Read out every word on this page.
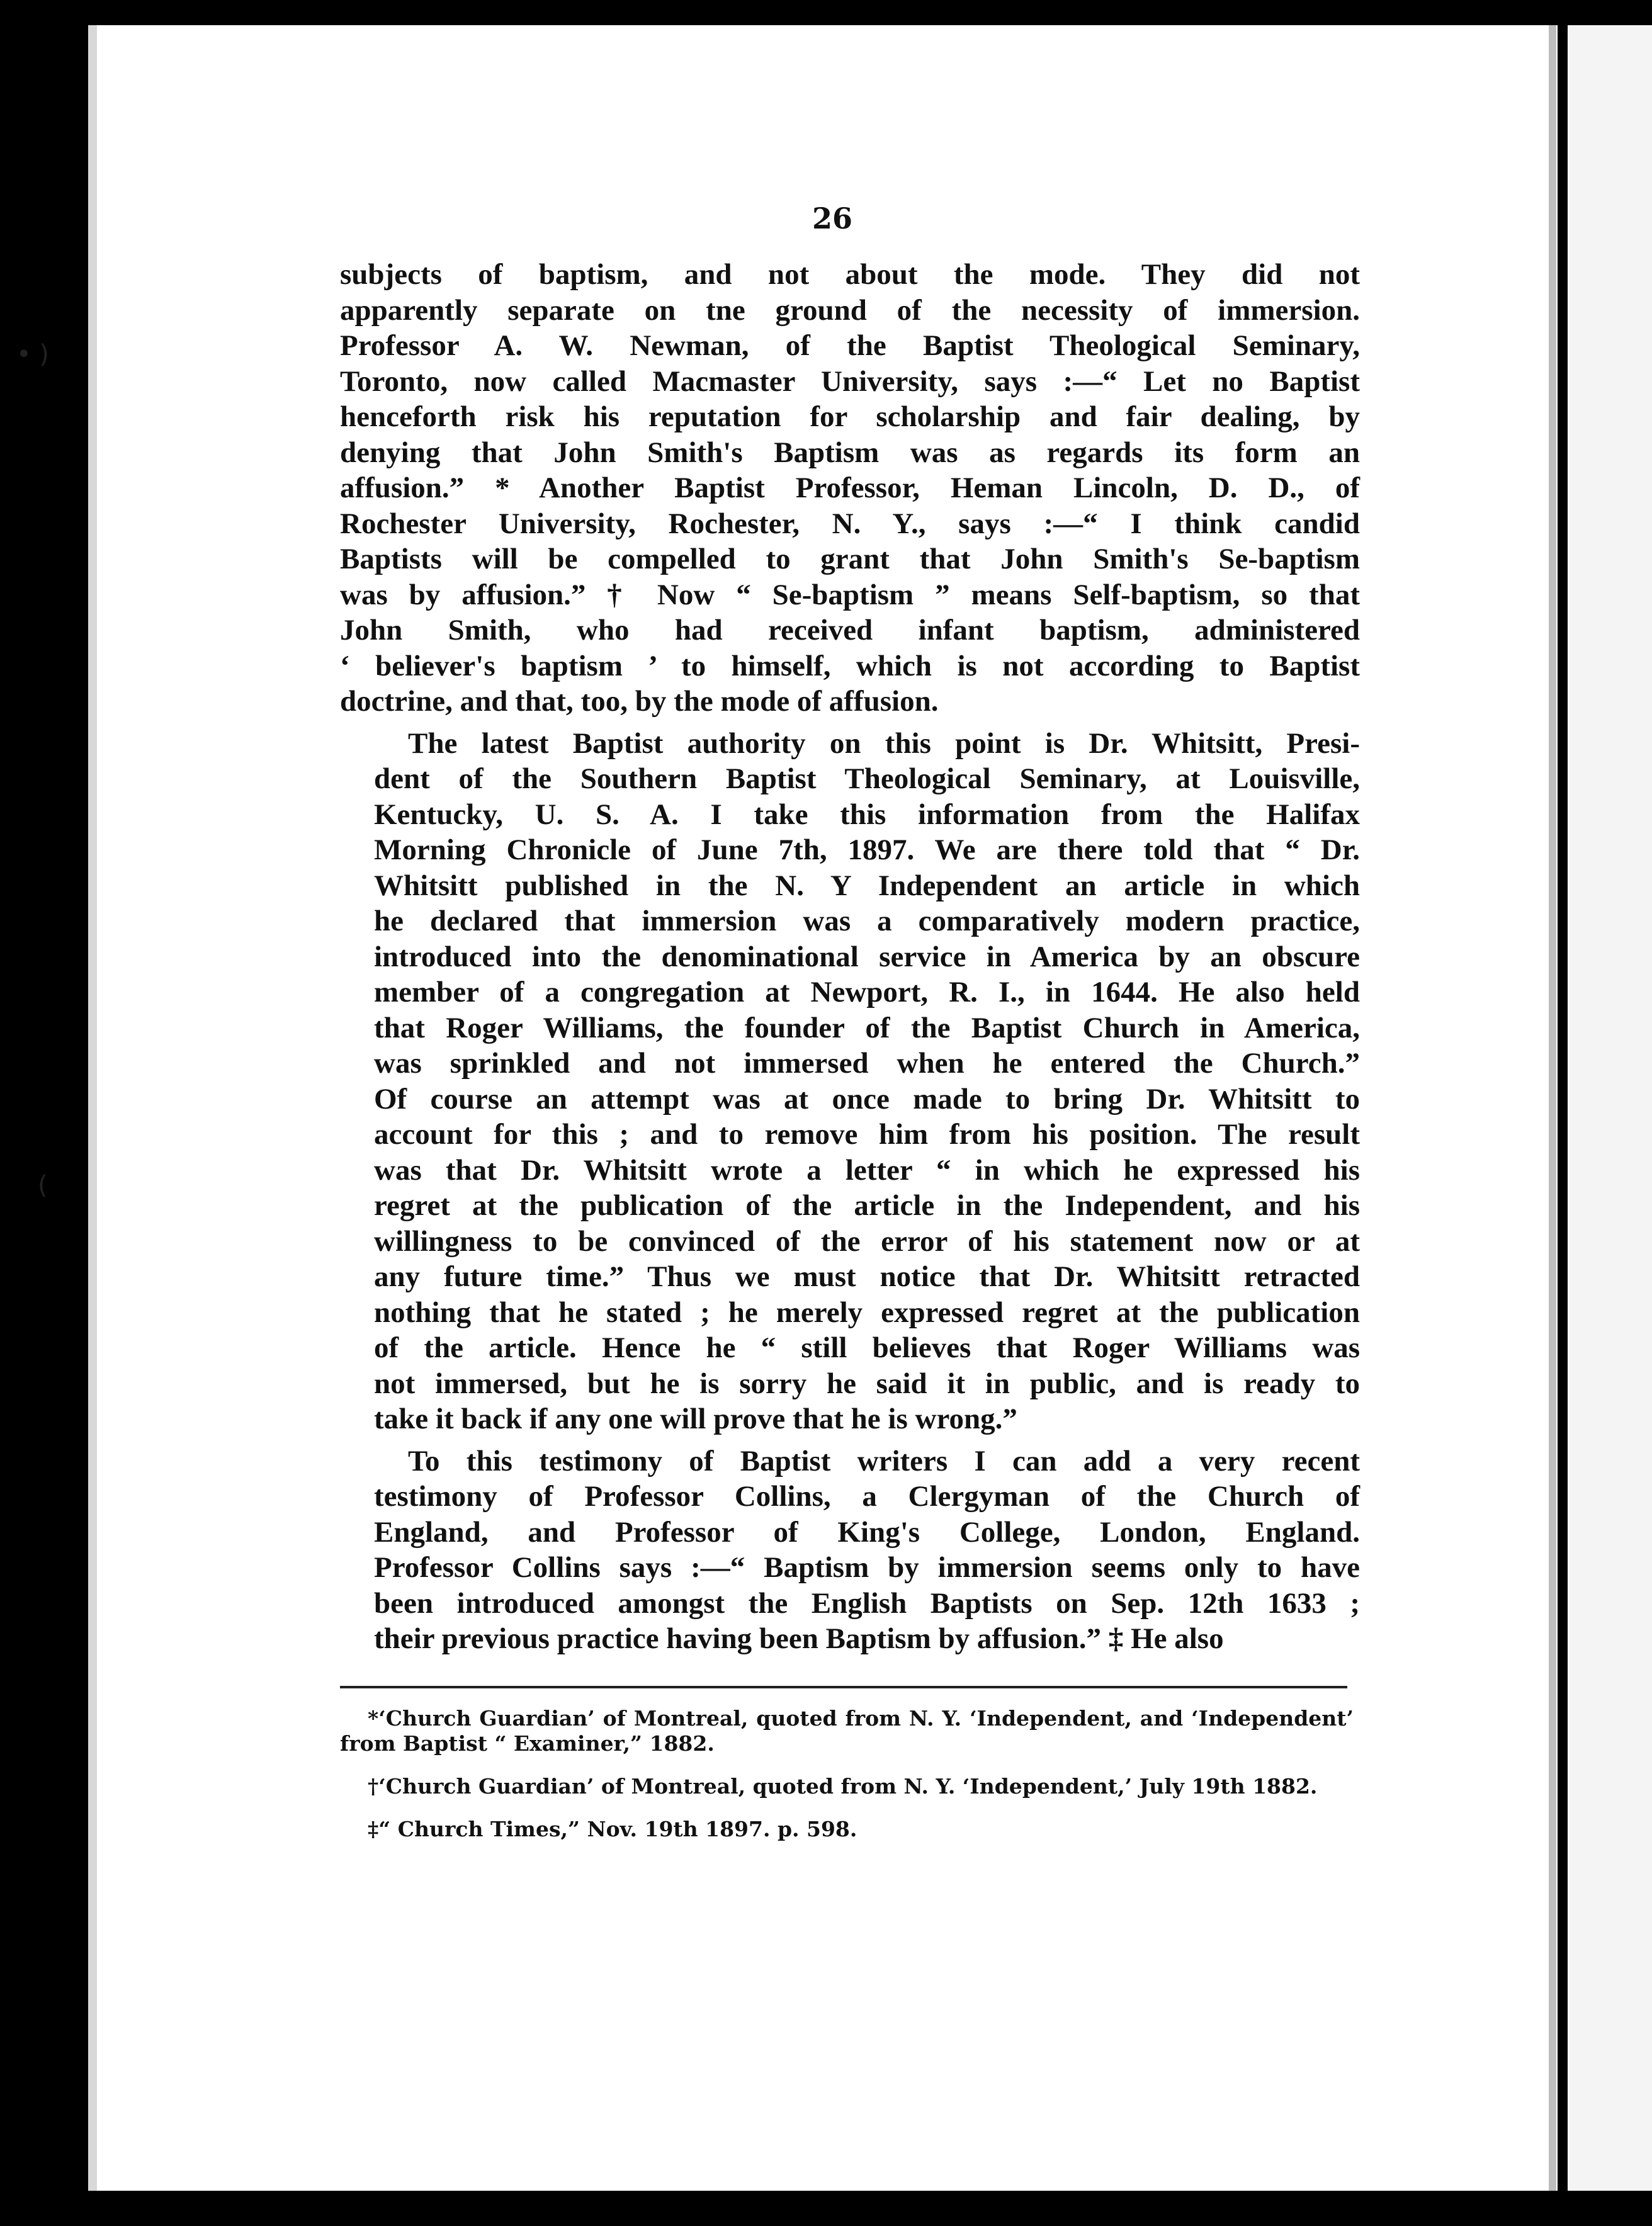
• )
(
26

subjects of baptism, and not about the mode. They did not
apparently separate on tne ground of the necessity of immersion.
Professor A. W. Newman, of the Baptist Theological Seminary,
Toronto, now called Macmaster University, says :—“ Let no Baptist
henceforth risk his reputation for scholarship and fair dealing, by
denying that John Smith's Baptism was as regards its form an
affusion.” * Another Baptist Professor, Heman Lincoln, D. D., of
Rochester University, Rochester, N. Y., says :—“ I think candid
Baptists will be compelled to grant that John Smith's Se-baptism
was by affusion.” † Now “ Se-baptism ” means Self-baptism, so that
John Smith, who had received infant baptism, administered
‘ believer's baptism ’ to himself, which is not according to Baptist
doctrine, and that, too, by the mode of affusion.

The latest Baptist authority on this point is Dr. Whitsitt, Presi-
dent of the Southern Baptist Theological Seminary, at Louisville,
Kentucky, U. S. A. I take this information from the Halifax
Morning Chronicle of June 7th, 1897. We are there told that “ Dr.
Whitsitt published in the N. Y Independent an article in which
he declared that immersion was a comparatively modern practice,
introduced into the denominational service in America by an obscure
member of a congregation at Newport, R. I., in 1644. He also held
that Roger Williams, the founder of the Baptist Church in America,
was sprinkled and not immersed when he entered the Church.”
Of course an attempt was at once made to bring Dr. Whitsitt to
account for this ; and to remove him from his position. The result
was that Dr. Whitsitt wrote a letter “ in which he expressed his
regret at the publication of the article in the Independent, and his
willingness to be convinced of the error of his statement now or at
any future time.” Thus we must notice that Dr. Whitsitt retracted
nothing that he stated ; he merely expressed regret at the publication
of the article. Hence he “ still believes that Roger Williams was
not immersed, but he is sorry he said it in public, and is ready to
take it back if any one will prove that he is wrong.”

To this testimony of Baptist writers I can add a very recent
testimony of Professor Collins, a Clergyman of the Church of
England, and Professor of King's College, London, England.
Professor Collins says :—“ Baptism by immersion seems only to have
been introduced amongst the English Baptists on Sep. 12th 1633 ;
their previous practice having been Baptism by affusion.” ‡ He also

*‘Church Guardian’ of Montreal, quoted from N. Y. ‘Independent, and ‘Independent’ from Baptist “ Examiner,” 1882.

†‘Church Guardian’ of Montreal, quoted from N. Y. ‘Independent,’ July 19th 1882.

‡“ Church Times,” Nov. 19th 1897. p. 598.
